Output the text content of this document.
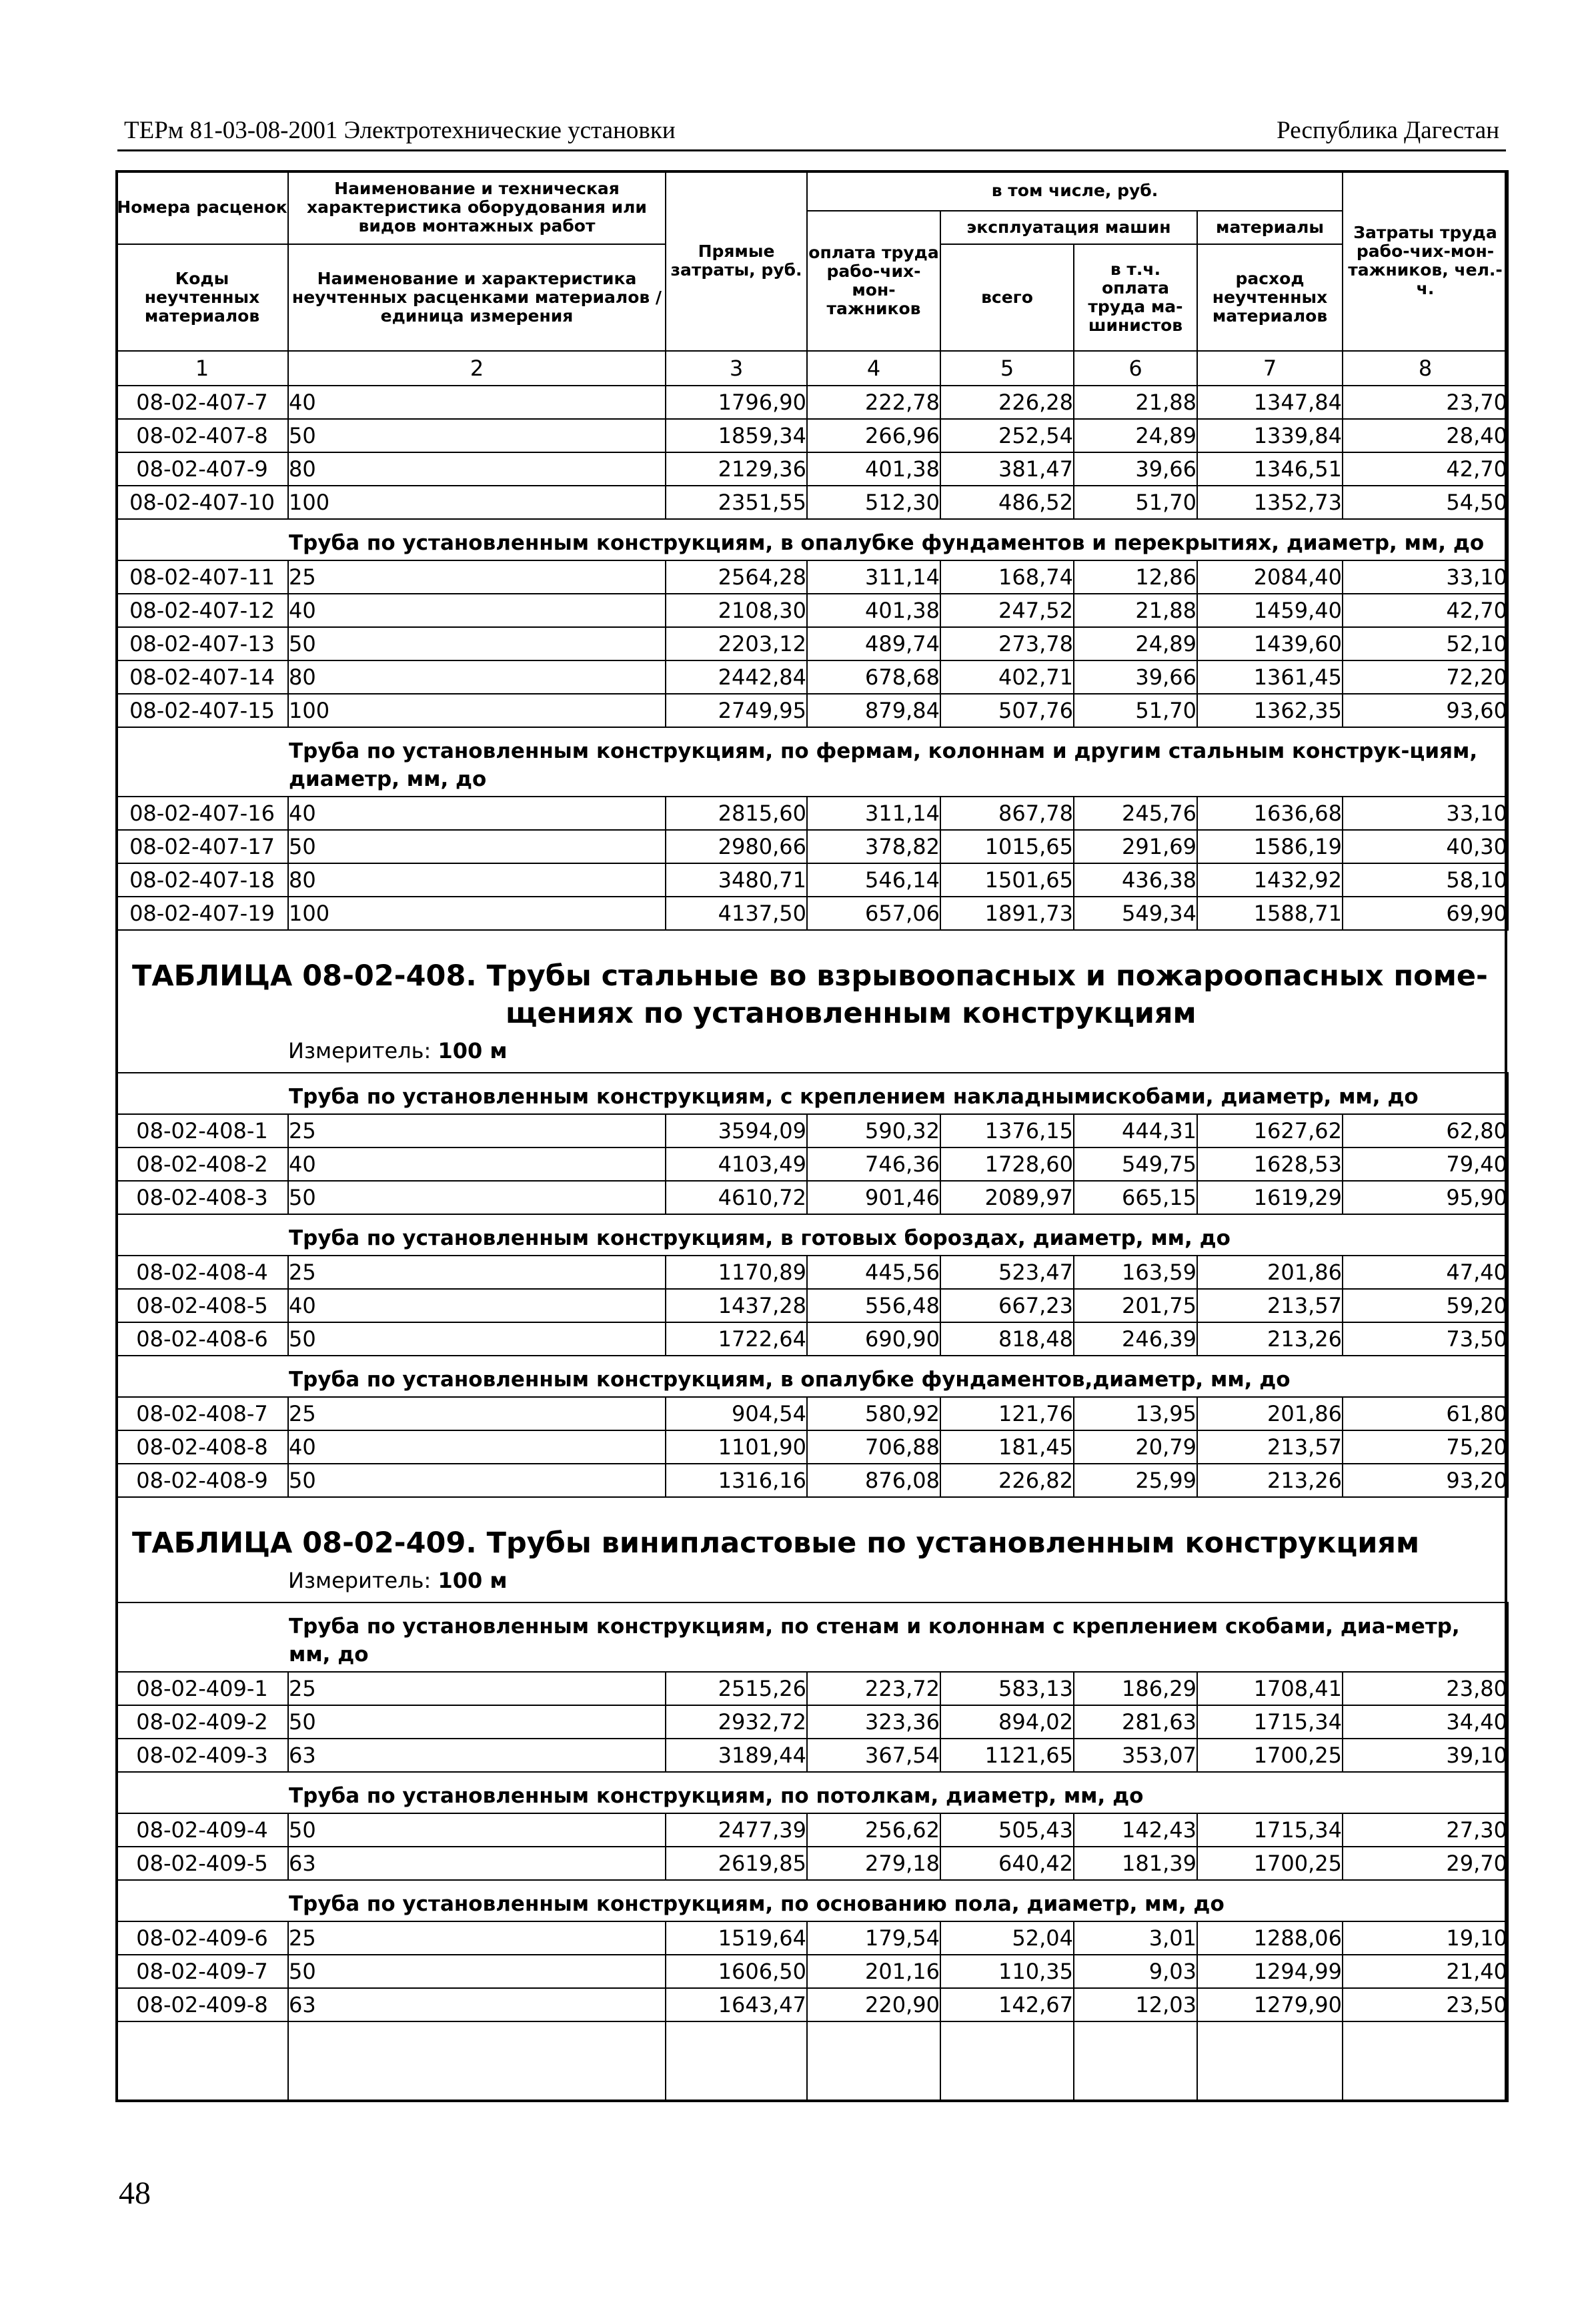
ТЕРм 81-03-08-2001 Электротехнические установки	Республика Дагестан
Номера расценок	Наименование и техническая характеристика оборудования или видов монтажных работ	Прямые затраты, руб.	в том числе, руб.				Затраты труда рабо-чих-мон-тажников, чел.-ч.
			оплата труда рабо-чих-мон-тажников	эксплуатация машин		материалы	
Коды неучтенных материалов	Наименование и характеристика неучтенных расценками материалов / единица измерения			всего	в т.ч. оплата труда ма-шинистов	расход неучтенных материалов	

1	2	3	4	5	6	7	8
08-02-407-7	40	1796,90	222,78	226,28	21,88	1347,84	23,70
08-02-407-8	50	1859,34	266,96	252,54	24,89	1339,84	28,40
08-02-407-9	80	2129,36	401,38	381,47	39,66	1346,51	42,70
08-02-407-10	100	2351,55	512,30	486,52	51,70	1352,73	54,50
Труба по установленным конструкциям, в опалубке фундаментов и перекрытиях, диаметр, мм, до							
08-02-407-11	25	2564,28	311,14	168,74	12,86	2084,40	33,10
08-02-407-12	40	2108,30	401,38	247,52	21,88	1459,40	42,70
08-02-407-13	50	2203,12	489,74	273,78	24,89	1439,60	52,10
08-02-407-14	80	2442,84	678,68	402,71	39,66	1361,45	72,20
08-02-407-15	100	2749,95	879,84	507,76	51,70	1362,35	93,60
Труба по установленным конструкциям, по фермам, колоннам и другим стальным конструк-циям, диаметр, мм, до							
08-02-407-16	40	2815,60	311,14	867,78	245,76	1636,68	33,10
08-02-407-17	50	2980,66	378,82	1015,65	291,69	1586,19	40,30
08-02-407-18	80	3480,71	546,14	1501,65	436,38	1432,92	58,10
08-02-407-19	100	4137,50	657,06	1891,73	549,34	1588,71	69,90

ТАБЛИЦА 08-02-408. Трубы стальные во взрывоопасных и пожароопасных поме-
щениях по установленным конструкциям
Измеритель: 100 м							

Труба по установленным конструкциям, с креплением накладнымискобами, диаметр, мм, до							
08-02-408-1	25	3594,09	590,32	1376,15	444,31	1627,62	62,80
08-02-408-2	40	4103,49	746,36	1728,60	549,75	1628,53	79,40
08-02-408-3	50	4610,72	901,46	2089,97	665,15	1619,29	95,90
Труба по установленным конструкциям, в готовых бороздах, диаметр, мм, до							
08-02-408-4	25	1170,89	445,56	523,47	163,59	201,86	47,40
08-02-408-5	40	1437,28	556,48	667,23	201,75	213,57	59,20
08-02-408-6	50	1722,64	690,90	818,48	246,39	213,26	73,50
Труба по установленным конструкциям, в опалубке фундаментов,диаметр, мм, до							
08-02-408-7	25	904,54	580,92	121,76	13,95	201,86	61,80
08-02-408-8	40	1101,90	706,88	181,45	20,79	213,57	75,20
08-02-408-9	50	1316,16	876,08	226,82	25,99	213,26	93,20

ТАБЛИЦА 08-02-409. Трубы винипластовые по установленным конструкциям
Измеритель: 100 м							

Труба по установленным конструкциям, по стенам и колоннам с креплением скобами, диа-метр, мм, до							
08-02-409-1	25	2515,26	223,72	583,13	186,29	1708,41	23,80
08-02-409-2	50	2932,72	323,36	894,02	281,63	1715,34	34,40
08-02-409-3	63	3189,44	367,54	1121,65	353,07	1700,25	39,10
Труба по установленным конструкциям, по потолкам, диаметр, мм, до							
08-02-409-4	50	2477,39	256,62	505,43	142,43	1715,34	27,30
08-02-409-5	63	2619,85	279,18	640,42	181,39	1700,25	29,70
Труба по установленным конструкциям, по основанию пола, диаметр, мм, до							
08-02-409-6	25	1519,64	179,54	52,04	3,01	1288,06	19,10
08-02-409-7	50	1606,50	201,16	110,35	9,03	1294,99	21,40
08-02-409-8	63	1643,47	220,90	142,67	12,03	1279,90	23,50

48
